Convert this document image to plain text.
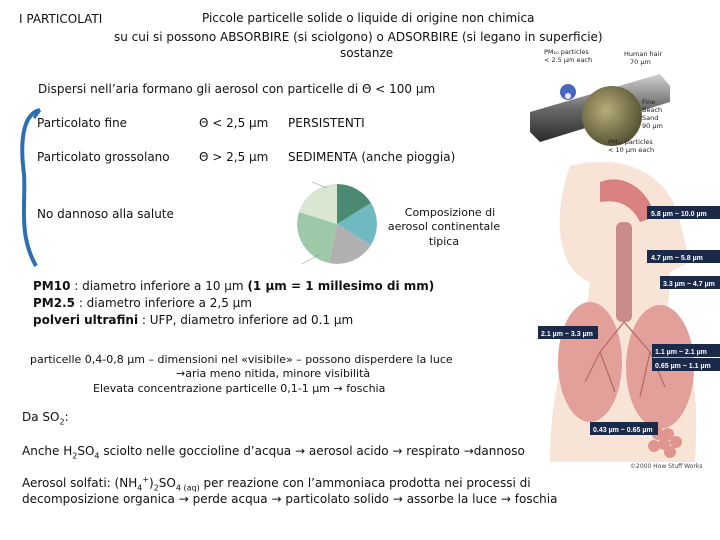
I PARTICOLATI	Piccole particelle solide o liquide di origine non chimica
su cui si possono ABSORBIRE (si sciolgono) o ADSORBIRE (si legano in superficie)
sostanze
Dispersi nell’aria formano gli aerosol con particelle di Θ < 100 µm
Particolato fine	Θ < 2,5 µm PERSISTENTI
Particolato grossolano Θ > 2,5 µm SEDIMENTA (anche pioggia)
No dannoso alla salute	Composizione di
aerosol continentale
tipica
PM₁₀ particles
< 2.5 µm each
Fine
Beach
Sand
90 µm
Human hair
70 µm
PM₁₀ particles
< 10 µm each
5.8 µm ~ 10.0 µm
4.7 µm ~ 5.8 µm
3.3 µm ~ 4.7 µm
2.1 µm ~ 3.3 µm
1.1 µm ~ 2.1 µm
0.65 µm ~ 1.1 µm
0.43 µm ~ 0.65 µm
©2000 How Stuff Works
PM10 : diametro inferiore a 10 µm (1 µm = 1 millesimo di mm)
PM2.5 : diametro inferiore a 2,5 µm
polveri ultrafini : UFP, diametro inferiore ad 0.1 µm
particelle 0,4-0,8 µm – dimensioni nel «visibile» – possono disperdere la luce
→aria meno nitida, minore visibilità
Elevata concentrazione particelle 0,1-1 µm → foschia
Da $SO_2$:
Anche $H_2SO_4$ sciolto nelle goccioline d’acqua → aerosol acido → respirato →dannoso
Aerosol solfati: $(NH_4^+)_2SO_{4 (aq)}$ per reazione con l’ammoniaca prodotta nei processi di
decomposizione organica → perde acqua → particolato solido → assorbe la luce → foschia
